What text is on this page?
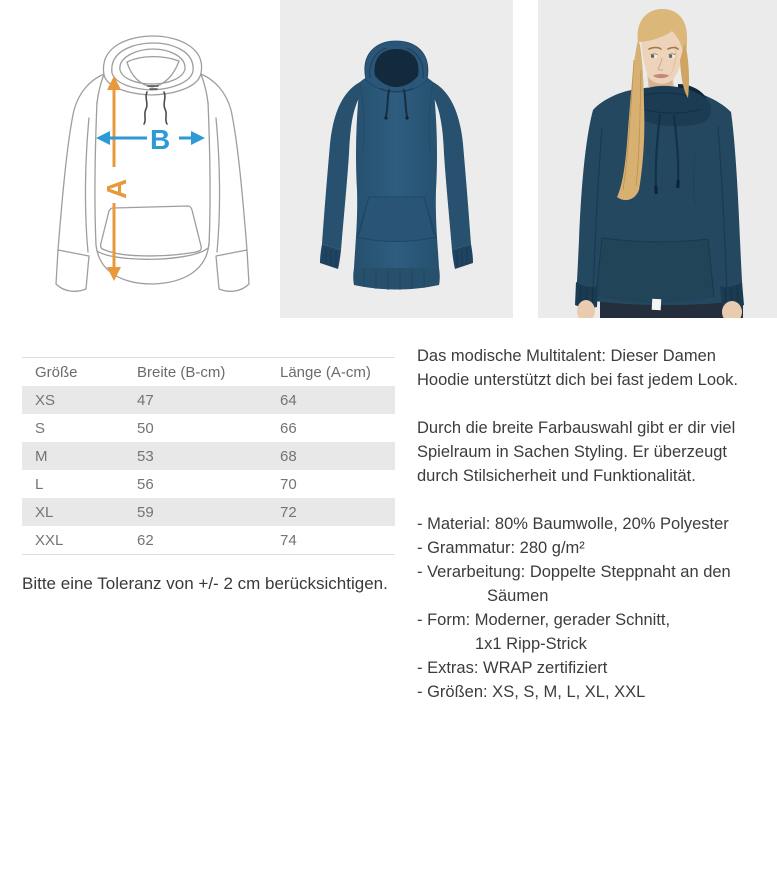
A
B
Größe	Breite (B-cm)	Länge (A-cm)
XS	47	64
S	50	66
M	53	68
L	56	70
XL	59	72
XXL	62	74
Bitte eine Toleranz von +/- 2 cm berücksichtigen.

Das modische Multitalent: Dieser Damen
Hoodie unterstützt dich bei fast jedem Look.

Durch die breite Farbauswahl gibt er dir viel
Spielraum in Sachen Styling. Er überzeugt
durch Stilsicherheit und Funktionalität.

- Material: 80% Baumwolle, 20% Polyester
- Grammatur: 280 g/m²
- Verarbeitung: Doppelte Steppnaht an den
Säumen
- Form: Moderner, gerader Schnitt,
1x1 Ripp-Strick
- Extras: WRAP zertifiziert
- Größen: XS, S, M, L, XL, XXL
